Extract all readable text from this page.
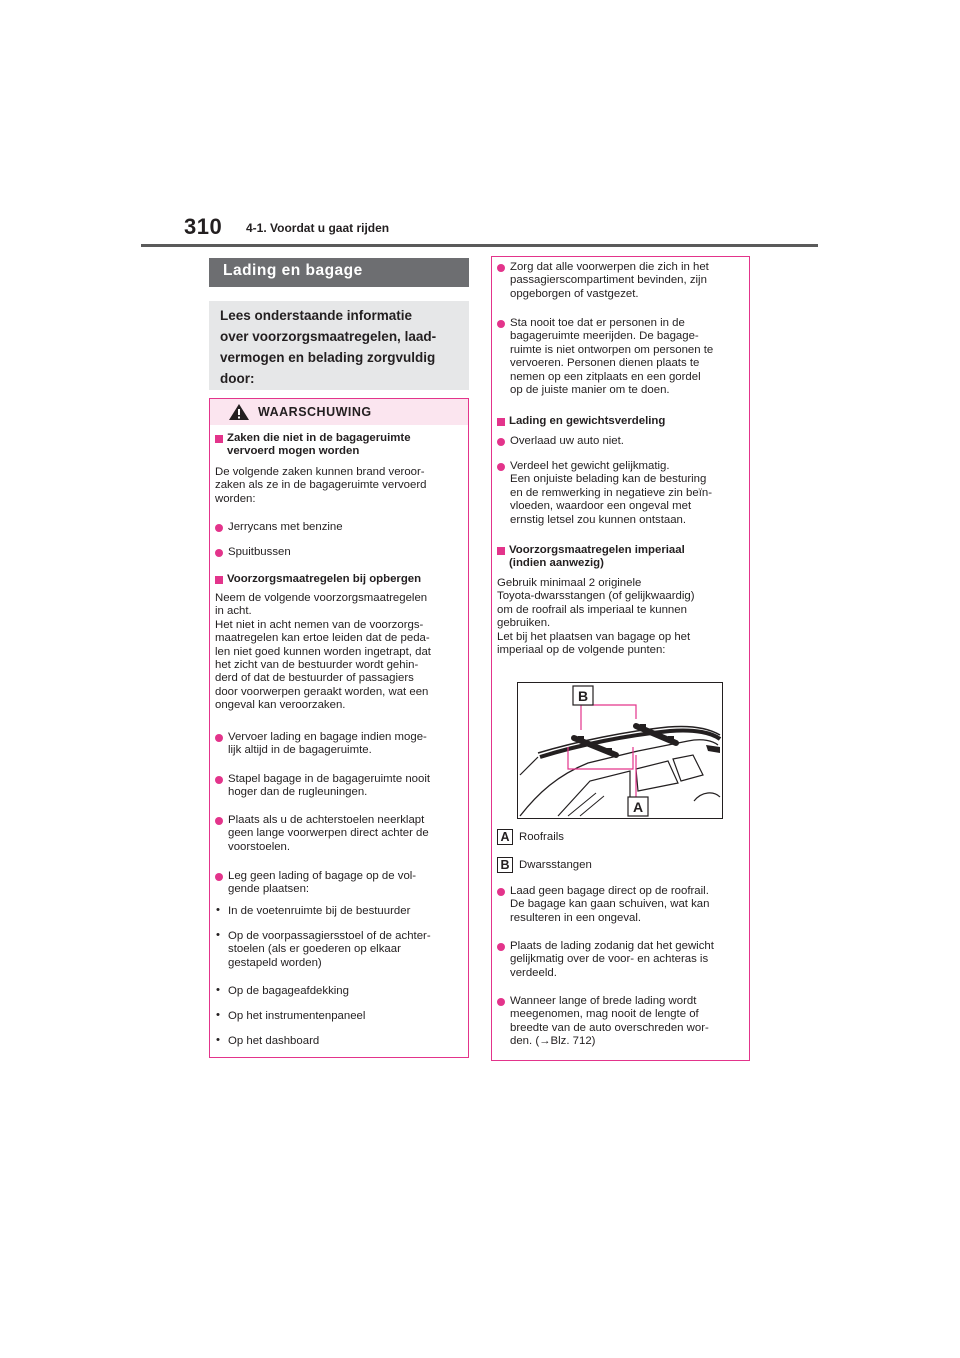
310 4-1. Voordat u gaat rijden
Lading en bagage
Lees onderstaande informatie
over voorzorgsmaatregelen, laad-
vermogen en belading zorgvuldig
door:
WAARSCHUWING
Zaken die niet in de bagageruimte
vervoerd mogen worden
De volgende zaken kunnen brand veroor-
zaken als ze in de bagageruimte vervoerd
worden:
Jerrycans met benzine
Spuitbussen
Voorzorgsmaatregelen bij opbergen
Neem de volgende voorzorgsmaatregelen
in acht.
Het niet in acht nemen van de voorzorgs-
maatregelen kan ertoe leiden dat de peda-
len niet goed kunnen worden ingetrapt, dat
het zicht van de bestuurder wordt gehin-
derd of dat de bestuurder of passagiers
door voorwerpen geraakt worden, wat een
ongeval kan veroorzaken.
Vervoer lading en bagage indien moge-
lijk altijd in de bagageruimte.
Stapel bagage in de bagageruimte nooit
hoger dan de rugleuningen.
Plaats als u de achterstoelen neerklapt
geen lange voorwerpen direct achter de
voorstoelen.
Leg geen lading of bagage op de vol-
gende plaatsen:
• In de voetenruimte bij de bestuurder
• Op de voorpassagiersstoel of de achter-
stoelen (als er goederen op elkaar
gestapeld worden)
• Op de bagageafdekking
• Op het instrumentenpaneel
• Op het dashboard
Zorg dat alle voorwerpen die zich in het
passagierscompartiment bevinden, zijn
opgeborgen of vastgezet.
Sta nooit toe dat er personen in de
bagageruimte meerijden. De bagage-
ruimte is niet ontworpen om personen te
vervoeren. Personen dienen plaats te
nemen op een zitplaats en een gordel
op de juiste manier om te doen.
Lading en gewichtsverdeling
Overlaad uw auto niet.
Verdeel het gewicht gelijkmatig.
Een onjuiste belading kan de besturing
en de remwerking in negatieve zin beïn-
vloeden, waardoor een ongeval met
ernstig letsel zou kunnen ontstaan.
Voorzorgsmaatregelen imperiaal
(indien aanwezig)
Gebruik minimaal 2 originele
Toyota-dwarsstangen (of gelijkwaardig)
om de roofrail als imperiaal te kunnen
gebruiken.
Let bij het plaatsen van bagage op het
imperiaal op de volgende punten:
B
A
A Roofrails
B Dwarsstangen
Laad geen bagage direct op de roofrail.
De bagage kan gaan schuiven, wat kan
resulteren in een ongeval.
Plaats de lading zodanig dat het gewicht
gelijkmatig over de voor- en achteras is
verdeeld.
Wanneer lange of brede lading wordt
meegenomen, mag nooit de lengte of
breedte van de auto overschreden wor-
den. (→Blz. 712)
